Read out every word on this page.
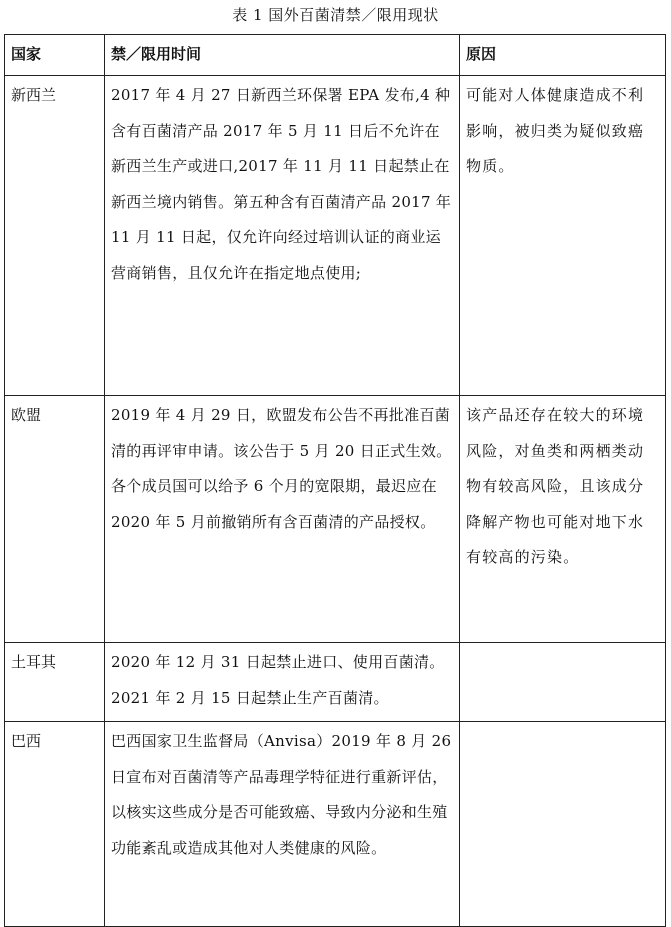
表 1 国外百菌清禁／限用现状
国家	禁／限用时间	原因
新西兰	2017 年 4 月 27 日新西兰环保署 EPA 发布,4 种含有百菌清产品 2017 年 5 月 11 日后不允许在新西兰生产或进口,2017 年 11 月 11 日起禁止在新西兰境内销售。第五种含有百菌清产品 2017 年 11 月 11 日起，仅允许向经过培训认证的商业运营商销售，且仅允许在指定地点使用;	可能对人体健康造成不利影响，被归类为疑似致癌物质。
欧盟	2019 年 4 月 29 日，欧盟发布公告不再批准百菌清的再评审申请。该公告于 5 月 20 日正式生效。各个成员国可以给予 6 个月的宽限期，最迟应在 2020 年 5 月前撤销所有含百菌清的产品授权。	该产品还存在较大的环境风险，对鱼类和两栖类动物有较高风险，且该成分降解产物也可能对地下水有较高的污染。
土耳其	2020 年 12 月 31 日起禁止进口、使用百菌清。2021 年 2 月 15 日起禁止生产百菌清。	
巴西	巴西国家卫生监督局（Anvisa）2019 年 8 月 26 日宣布对百菌清等产品毒理学特征进行重新评估，以核实这些成分是否可能致癌、导致内分泌和生殖功能紊乱或造成其他对人类健康的风险。	
